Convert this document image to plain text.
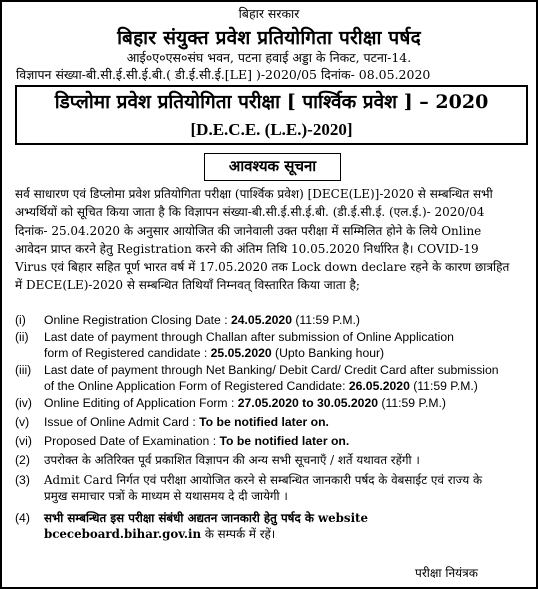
बिहार सरकार
बिहार संयुक्त प्रवेश प्रतियोगिता परीक्षा पर्षद
आई०ए०एस०संघ भवन, पटना हवाई अड्डा के निकट, पटना-14.
विज्ञापन संख्या-बी.सी.ई.सी.ई.बी.( डी.ई.सी.ई.[LE] )-2020/05 दिनांक- 08.05.2020
डिप्लोमा प्रवेश प्रतियोगिता परीक्षा [ पार्श्विक प्रवेश ] – 2020
[D.E.C.E. (L.E.)-2020]
आवश्यक सूचना
सर्व साधारण एवं डिप्लोमा प्रवेश प्रतियोगिता परीक्षा (पार्श्विक प्रवेश) [DECE(LE)]-2020 से सम्बन्धित सभी
अभ्यर्थियों को सूचित किया जाता है कि विज्ञापन संख्या-बी.सी.ई.सी.ई.बी. (डी.ई.सी.ई. (एल.ई.)- 2020/04
दिनांक- 25.04.2020 के अनुसार आयोजित की जानेवाली उक्त परीक्षा में सम्मिलित होने के लिये Online
आवेदन प्राप्त करने हेतु Registration करने की अंतिम तिथि 10.05.2020 निर्धारित है। COVID-19
Virus एवं बिहार सहित पूर्ण भारत वर्ष में 17.05.2020 तक Lock down declare रहने के कारण छात्रहित
में DECE(LE)-2020 से सम्बन्धित तिथियाँ निम्नवत् विस्तारित किया जाता है;
(i)	Online Registration Closing Date : 24.05.2020 (11:59 P.M.)
(ii)	Last date of payment through Challan after submission of Online Application
form of Registered candidate : 25.05.2020 (Upto Banking hour)
(iii)	Last date of payment through Net Banking/ Debit Card/ Credit Card after submission
of the Online Application Form of Registered Candidate: 26.05.2020 (11:59 P.M.)
(iv) Online Editing of Application Form : 27.05.2020 to 30.05.2020 (11:59 P.M.)
(v)	Issue of Online Admit Card : To be notified later on.
(vi) Proposed Date of Examination : To be notified later on.
(2)	उपरोक्त के अतिरिक्त पूर्व प्रकाशित विज्ञापन की अन्य सभी सूचनाएँ / शर्ते यथावत रहेंगी ।
(3)	Admit Card निर्गत एवं परीक्षा आयोजित करने से सम्बन्धित जानकारी पर्षद के वेबसाईट एवं राज्य के
प्रमुख समाचार पत्रों के माध्यम से यथासमय दे दी जायेगी ।
(4)	सभी सम्बन्धित इस परीक्षा संबंधी अद्यतन जानकारी हेतु पर्षद के website
bceceboard.bihar.gov.in के सम्पर्क में रहें।
परीक्षा नियंत्रक
